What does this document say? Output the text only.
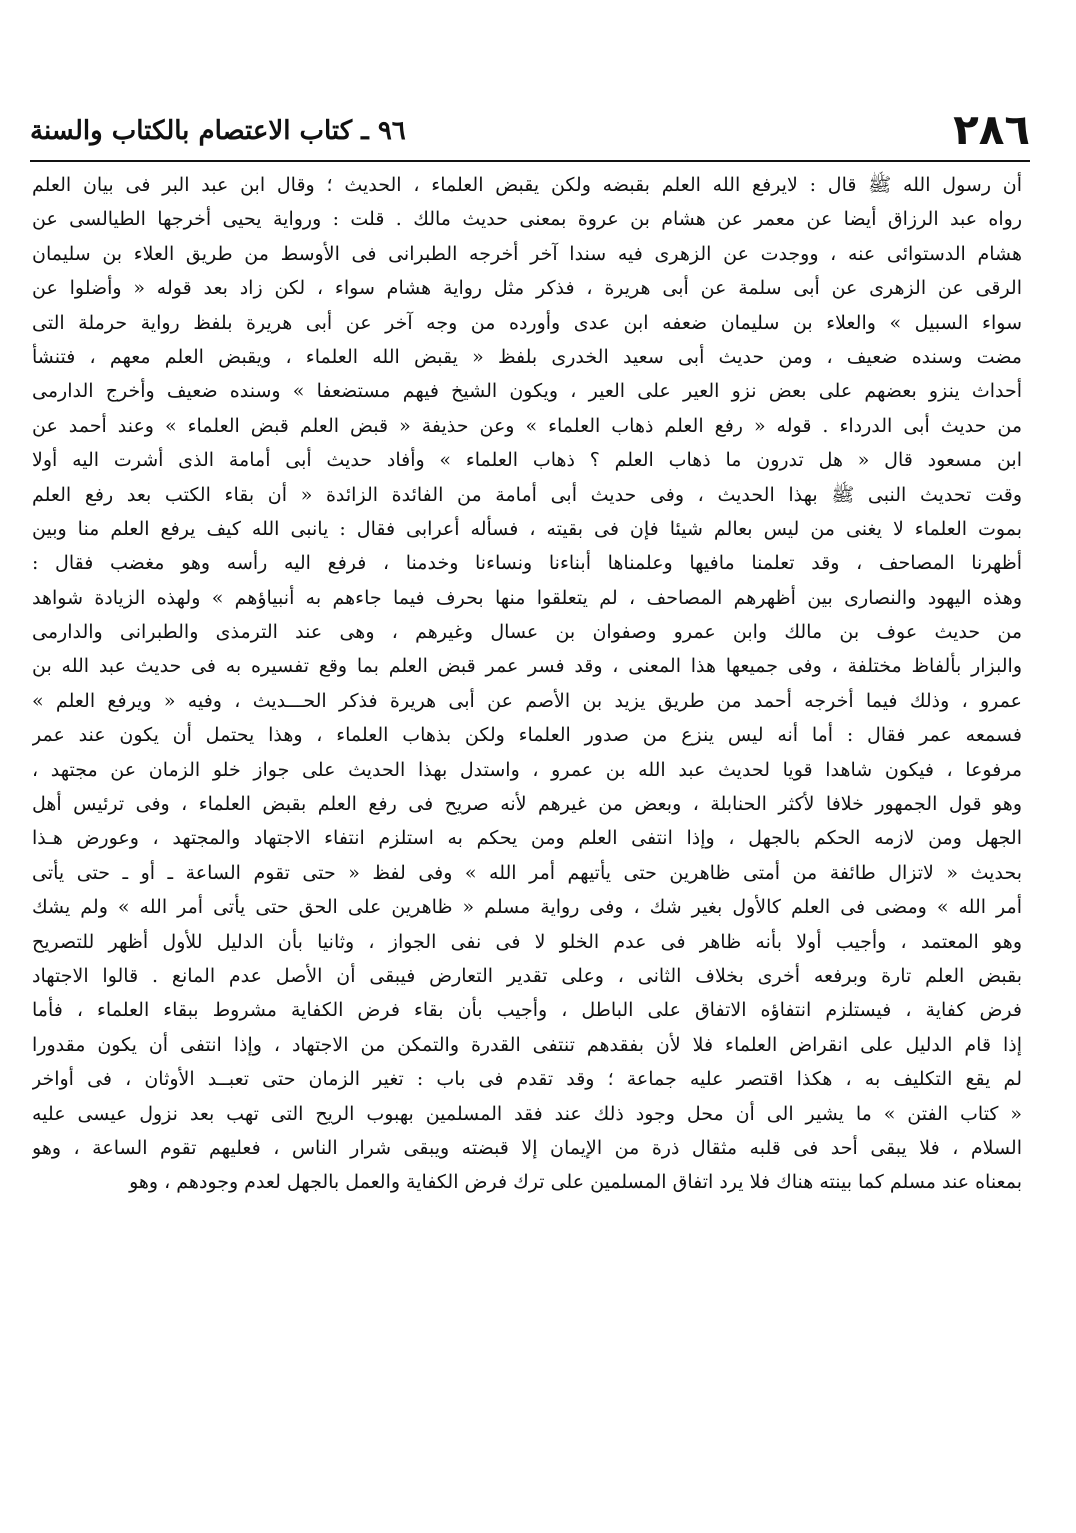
٢٨٦
٩٦ ـ كتاب الاعتصام بالكتاب والسنة
أن رسول الله ﷺ قال : لايرفع الله العلم بقبضه ولكن يقبض العلماء ، الحديث ؛ وقال ابن عبد البر فى بيان العلم
رواه عبد الرزاق أيضا عن معمر عن هشام بن عروة بمعنى حديث مالك . قلت : ورواية يحيى أخرجها الطيالسى عن
هشام الدستوائى عنه ، ووجدت عن الزهرى فيه سندا آخر أخرجه الطبرانى فى الأوسط من طريق العلاء بن سليمان
الرقى عن الزهرى عن أبى سلمة عن أبى هريرة ، فذكر مثل رواية هشام سواء ، لكن زاد بعد قوله « وأضلوا عن
سواء السبيل » والعلاء بن سليمان ضعفه ابن عدى وأورده من وجه آخر عن أبى هريرة بلفظ رواية حرملة التى
مضت وسنده ضعيف ، ومن حديث أبى سعيد الخدرى بلفظ « يقبض الله العلماء ، ويقبض العلم معهم ، فتنشأ
أحداث ينزو بعضهم على بعض نزو العير على العير ، ويكون الشيخ فيهم مستضعفا » وسنده ضعيف وأخرج الدارمى
من حديث أبى الدرداء . قوله « رفع العلم ذهاب العلماء » وعن حذيفة « قبض العلم قبض العلماء » وعند أحمد عن
ابن مسعود قال « هل تدرون ما ذهاب العلم ؟ ذهاب العلماء » وأفاد حديث أبى أمامة الذى أشرت اليه أولا
وقت تحديث النبى ﷺ بهذا الحديث ، وفى حديث أبى أمامة من الفائدة الزائدة « أن بقاء الكتب بعد رفع العلم
بموت العلماء لا يغنى من ليس بعالم شيئا فإن فى بقيته ، فسأله أعرابى فقال : يانبى الله كيف يرفع العلم منا وبين
أظهرنا المصاحف ، وقد تعلمنا مافيها وعلمناها أبناءنا ونساءنا وخدمنا ، فرفع اليه رأسه وهو مغضب فقال :
وهذه اليهود والنصارى بين أظهرهم المصاحف ، لم يتعلقوا منها بحرف فيما جاءهم به أنبياؤهم » ولهذه الزيادة شواهد
من حديث عوف بن مالك وابن عمرو وصفوان بن عسال وغيرهم ، وهى عند الترمذى والطبرانى والدارمى
والبزار بألفاظ مختلفة ، وفى جميعها هذا المعنى ، وقد فسر عمر قبض العلم بما وقع تفسيره به فى حديث عبد الله بن
عمرو ، وذلك فيما أخرجه أحمد من طريق يزيد بن الأصم عن أبى هريرة فذكر الحـــديث ، وفيه « ويرفع العلم »
فسمعه عمر فقال : أما أنه ليس ينزع من صدور العلماء ولكن بذهاب العلماء ، وهذا يحتمل أن يكون عند عمر
مرفوعا ، فيكون شاهدا قويا لحديث عبد الله بن عمرو ، واستدل بهذا الحديث على جواز خلو الزمان عن مجتهد ،
وهو قول الجمهور خلافا لأكثر الحنابلة ، وبعض من غيرهم لأنه صريح فى رفع العلم بقبض العلماء ، وفى ترئيس أهل
الجهل ومن لازمه الحكم بالجهل ، وإذا انتفى العلم ومن يحكم به استلزم انتفاء الاجتهاد والمجتهد ، وعورض هـذا
بحديث « لاتزال طائفة من أمتى ظاهرين حتى يأتيهم أمر الله » وفى لفظ « حتى تقوم الساعة ـ أو ـ حتى يأتى
أمر الله » ومضى فى العلم كالأول بغير شك ، وفى رواية مسلم « ظاهرين على الحق حتى يأتى أمر الله » ولم يشك
وهو المعتمد ، وأجيب أولا بأنه ظاهر فى عدم الخلو لا فى نفى الجواز ، وثانيا بأن الدليل للأول أظهر للتصريح
بقبض العلم تارة وبرفعه أخرى بخلاف الثانى ، وعلى تقدير التعارض فيبقى أن الأصل عدم المانع . قالوا الاجتهاد
فرض كفاية ، فيستلزم انتفاؤه الاتفاق على الباطل ، وأجيب بأن بقاء فرض الكفاية مشروط ببقاء العلماء ، فأما
إذا قام الدليل على انقراض العلماء فلا لأن بفقدهم تنتفى القدرة والتمكن من الاجتهاد ، وإذا انتفى أن يكون مقدورا
لم يقع التكليف به ، هكذا اقتصر عليه جماعة ؛ وقد تقدم فى باب : تغير الزمان حتى تعبــد الأوثان ، فى أواخر
« كتاب الفتن » ما يشير الى أن محل وجود ذلك عند فقد المسلمين بهبوب الريح التى تهب بعد نزول عيسى عليه
السلام ، فلا يبقى أحد فى قلبه مثقال ذرة من الإيمان إلا قبضته ويبقى شرار الناس ، فعليهم تقوم الساعة ، وهو
بمعناه عند مسلم كما بينته هناك فلا يرد اتفاق المسلمين على ترك فرض الكفاية والعمل بالجهل لعدم وجودهم ، وهو
